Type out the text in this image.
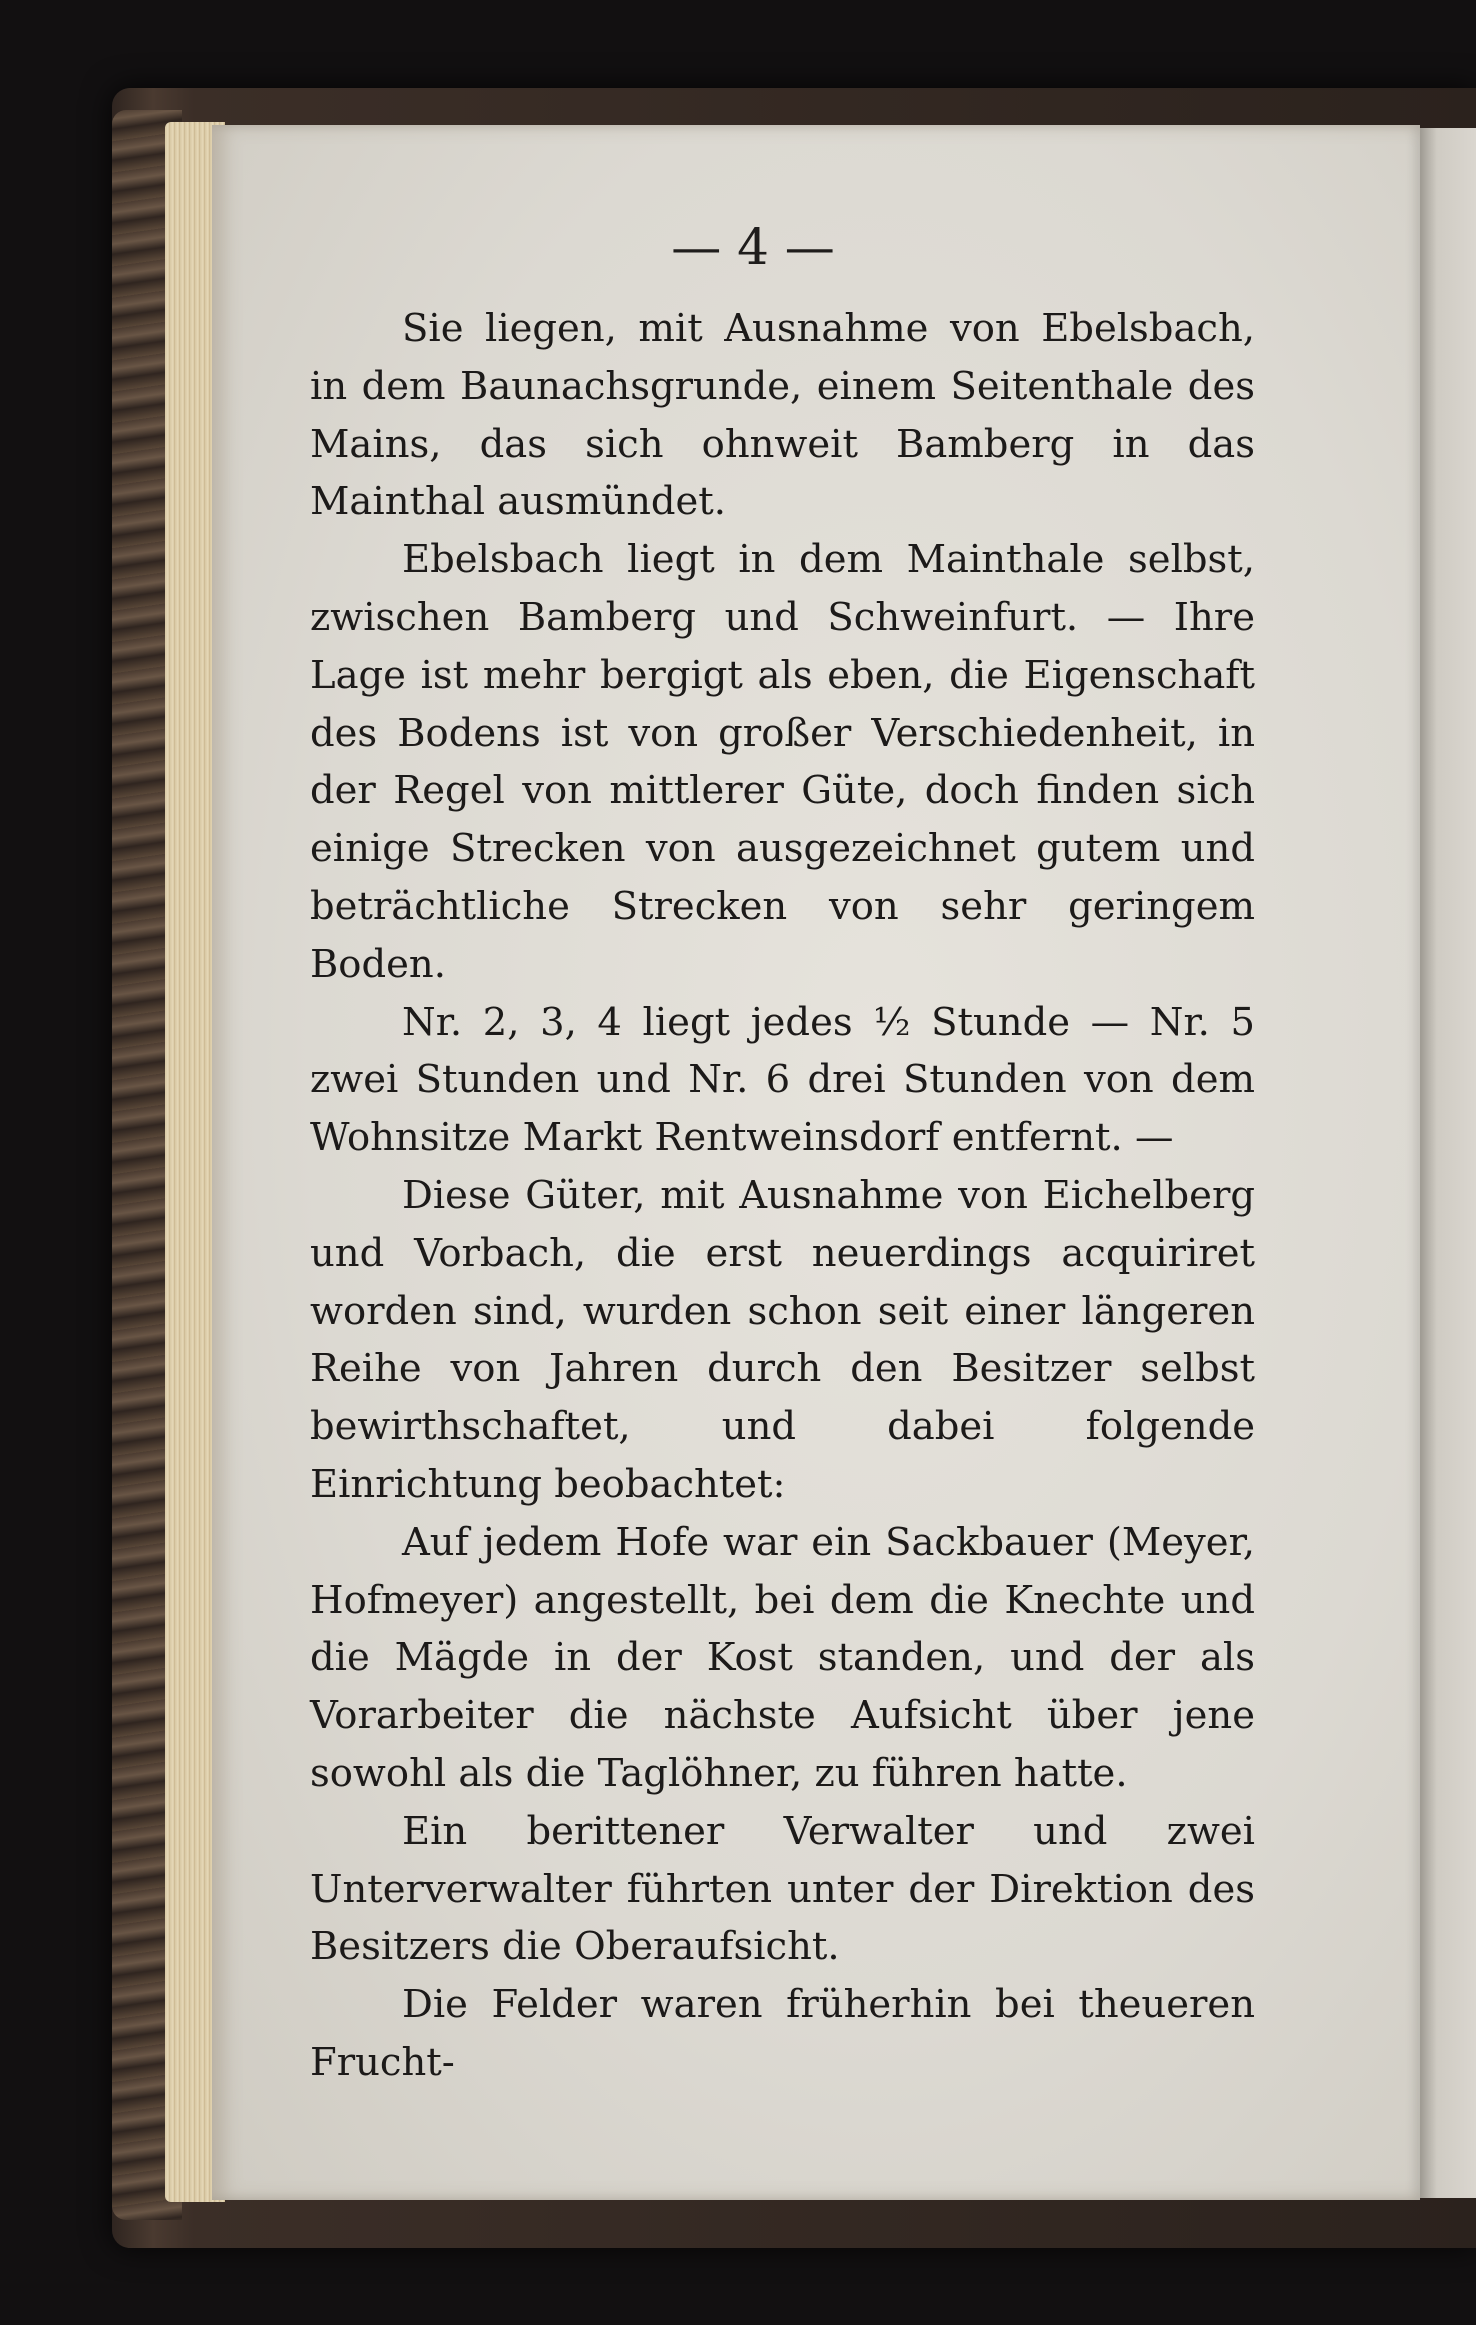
— 4 —

Sie liegen, mit Ausnahme von Ebelsbach, in dem Baunachsgrunde, einem Seitenthale des Mains, das sich ohnweit Bamberg in das Mainthal ausmündet.

Ebelsbach liegt in dem Mainthale selbst, zwischen Bamberg und Schweinfurt. — Ihre Lage ist mehr bergigt als eben, die Eigenschaft des Bodens ist von großer Verschiedenheit, in der Regel von mittlerer Güte, doch finden sich einige Strecken von ausgezeichnet gutem und beträchtliche Strecken von sehr geringem Boden.

Nr. 2, 3, 4 liegt jedes ½ Stunde — Nr. 5 zwei Stunden und Nr. 6 drei Stunden von dem Wohnsitze Markt Rentweinsdorf entfernt. —

Diese Güter, mit Ausnahme von Eichelberg und Vorbach, die erst neuerdings acquiriret worden sind, wurden schon seit einer längeren Reihe von Jahren durch den Besitzer selbst bewirthschaftet, und dabei folgende Einrichtung beobachtet:

Auf jedem Hofe war ein Sackbauer (Meyer, Hofmeyer) angestellt, bei dem die Knechte und die Mägde in der Kost standen, und der als Vorarbeiter die nächste Aufsicht über jene sowohl als die Taglöhner, zu führen hatte.

Ein berittener Verwalter und zwei Unterverwalter führten unter der Direktion des Besitzers die Oberaufsicht.

Die Felder waren früherhin bei theueren Frucht-
